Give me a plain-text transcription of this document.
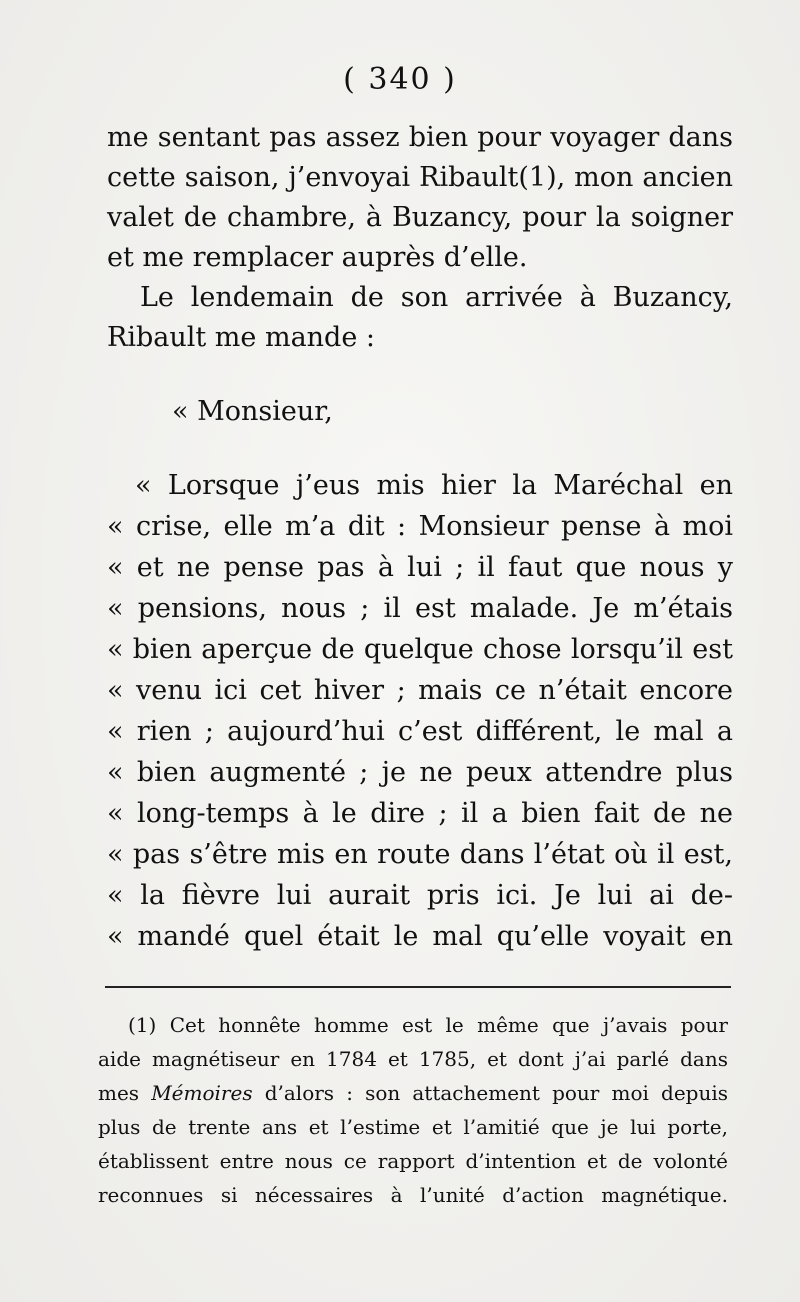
( 340 )
me sentant pas assez bien pour voyager dans
cette saison, j’envoyai Ribault(1), mon ancien
valet de chambre, à Buzancy, pour la soigner
et me remplacer auprès d’elle.
Le lendemain de son arrivée à Buzancy,
Ribault me mande :
« Monsieur,
« Lorsque j’eus mis hier la Maréchal en
« crise, elle m’a dit : Monsieur pense à moi
« et ne pense pas à lui ; il faut que nous y
« pensions, nous ; il est malade. Je m’étais
« bien aperçue de quelque chose lorsqu’il est
« venu ici cet hiver ; mais ce n’était encore
« rien ; aujourd’hui c’est différent, le mal a
« bien augmenté ; je ne peux attendre plus
« long-temps à le dire ; il a bien fait de ne
« pas s’être mis en route dans l’état où il est,
« la fièvre lui aurait pris ici. Je lui ai de-
« mandé quel était le mal qu’elle voyait en
(1) Cet honnête homme est le même que j’avais pour
aide magnétiseur en 1784 et 1785, et dont j’ai parlé dans
mes Mémoires d’alors : son attachement pour moi depuis
plus de trente ans et l’estime et l’amitié que je lui porte,
établissent entre nous ce rapport d’intention et de volonté
reconnues si nécessaires à l’unité d’action magnétique.
